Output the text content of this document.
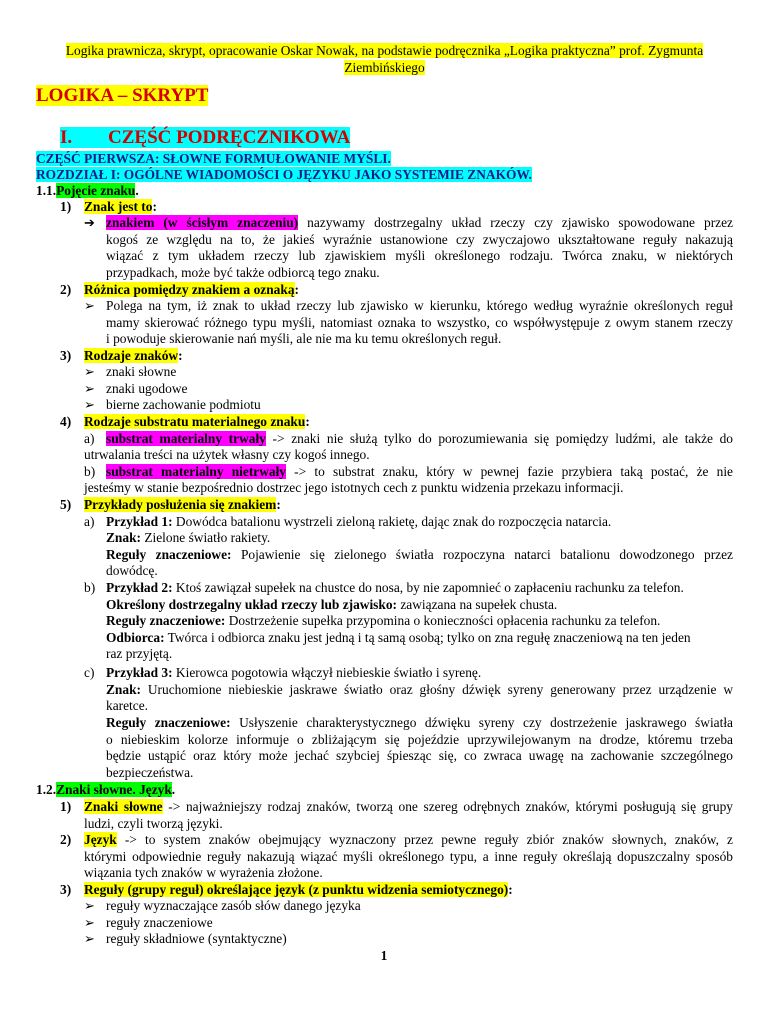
Logika prawnicza, skrypt, opracowanie Oskar Nowak, na podstawie podręcznika „Logika praktyczna” prof. Zygmunta Ziembińskiego
LOGIKA – SKRYPT
I. CZĘŚĆ PODRĘCZNIKOWA
CZĘŚĆ PIERWSZA: SŁOWNE FORMUŁOWANIE MYŚLI.
ROZDZIAŁ I: OGÓLNE WIADOMOŚCI O JĘZYKU JAKO SYSTEMIE ZNAKÓW.
1.1.Pojęcie znaku.
1) Znak jest to:
➔ znakiem (w ścisłym znaczeniu) nazywamy dostrzegalny układ rzeczy czy zjawisko spowodowane przez
kogoś ze względu na to, że jakieś wyraźnie ustanowione czy zwyczajowo ukształtowane reguły nakazują
wiązać z tym układem rzeczy lub zjawiskiem myśli określonego rodzaju. Twórca znaku, w niektórych
przypadkach, może być także odbiorcą tego znaku.
2) Różnica pomiędzy znakiem a oznaką:
➢ Polega na tym, iż znak to układ rzeczy lub zjawisko w kierunku, którego według wyraźnie określonych reguł
mamy skierować różnego typu myśli, natomiast oznaka to wszystko, co współwystępuje z owym stanem rzeczy
i powoduje skierowanie nań myśli, ale nie ma ku temu określonych reguł.
3) Rodzaje znaków:
➢ znaki słowne
➢ znaki ugodowe
➢ bierne zachowanie podmiotu
4) Rodzaje substratu materialnego znaku:
a) substrat materialny trwały -> znaki nie służą tylko do porozumiewania się pomiędzy ludźmi, ale także do
utrwalania treści na użytek własny czy kogoś innego.
b) substrat materialny nietrwały -> to substrat znaku, który w pewnej fazie przybiera taką postać, że nie
jesteśmy w stanie bezpośrednio dostrzec jego istotnych cech z punktu widzenia przekazu informacji.
5) Przykłady posłużenia się znakiem:
a) Przykład 1: Dowódca batalionu wystrzeli zieloną rakietę, dając znak do rozpoczęcia natarcia.
Znak: Zielone światło rakiety.
Reguły znaczeniowe: Pojawienie się zielonego światła rozpoczyna natarci batalionu dowodzonego przez
dowódcę.
b) Przykład 2: Ktoś zawiązał supełek na chustce do nosa, by nie zapomnieć o zapłaceniu rachunku za telefon.
Określony dostrzegalny układ rzeczy lub zjawisko: zawiązana na supełek chusta.
Reguły znaczeniowe: Dostrzeżenie supełka przypomina o konieczności opłacenia rachunku za telefon.
Odbiorca: Twórca i odbiorca znaku jest jedną i tą samą osobą; tylko on zna regułę znaczeniową na ten jeden
raz przyjętą.
c) Przykład 3: Kierowca pogotowia włączył niebieskie światło i syrenę.
Znak: Uruchomione niebieskie jaskrawe światło oraz głośny dźwięk syreny generowany przez urządzenie w
karetce.
Reguły znaczeniowe: Usłyszenie charakterystycznego dźwięku syreny czy dostrzeżenie jaskrawego światła
o niebieskim kolorze informuje o zbliżającym się pojeździe uprzywilejowanym na drodze, któremu trzeba
będzie ustąpić oraz który może jechać szybciej śpiesząc się, co zwraca uwagę na zachowanie szczególnego
bezpieczeństwa.
1.2.Znaki słowne. Język.
1) Znaki słowne -> najważniejszy rodzaj znaków, tworzą one szereg odrębnych znaków, którymi posługują się grupy
ludzi, czyli tworzą języki.
2) Język -> to system znaków obejmujący wyznaczony przez pewne reguły zbiór znaków słownych, znaków, z
którymi odpowiednie reguły nakazują wiązać myśli określonego typu, a inne reguły określają dopuszczalny sposób
wiązania tych znaków w wyrażenia złożone.
3) Reguły (grupy reguł) określające język (z punktu widzenia semiotycznego):
➢ reguły wyznaczające zasób słów danego języka
➢ reguły znaczeniowe
➢ reguły składniowe (syntaktyczne)
1
